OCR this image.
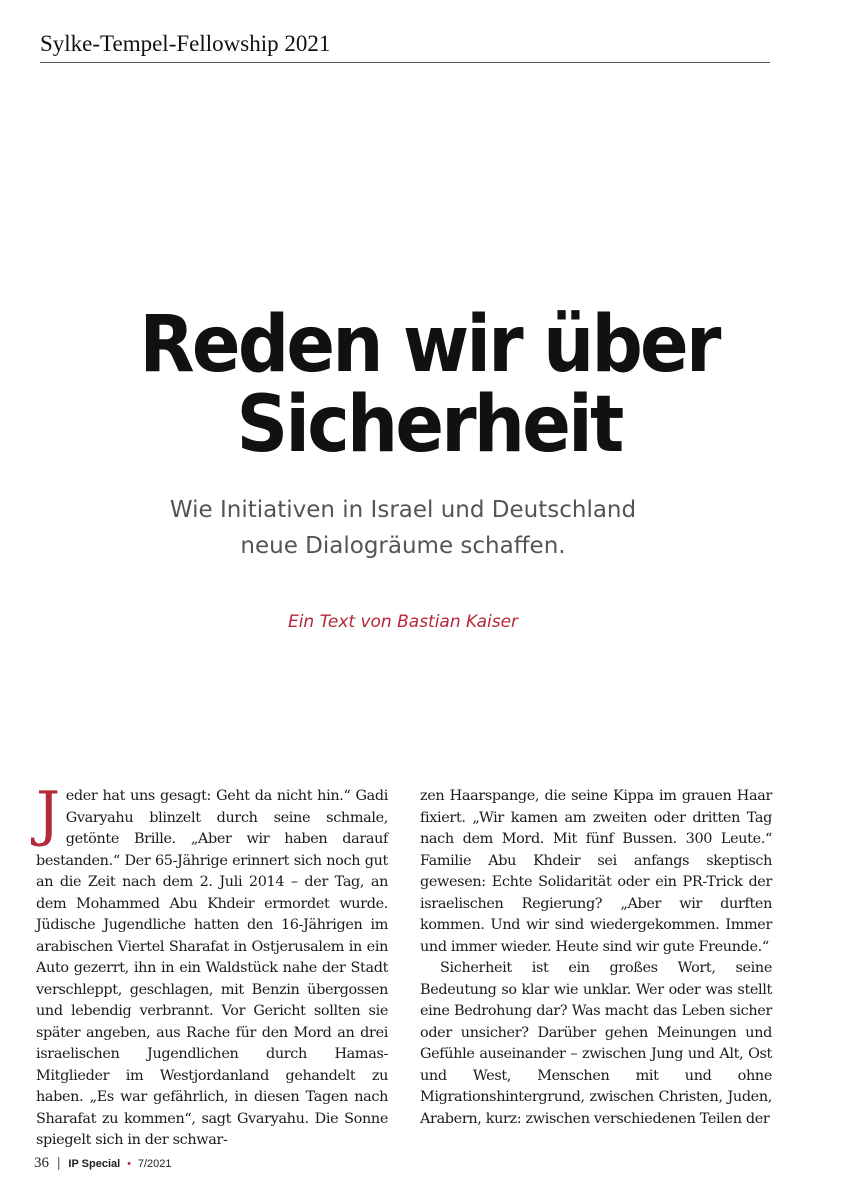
Sylke-Tempel-Fellowship 2021
Reden wir über
Sicherheit
Wie Initiativen in Israel und Deutschland
neue Dialogräume schaffen.
Ein Text von Bastian Kaiser

Jeder hat uns gesagt: Geht da nicht hin.“ Gadi Gvaryahu blinzelt durch seine schmale, getönte Brille. „Aber wir haben darauf bestanden.“ Der 65-Jährige erinnert sich noch gut an die Zeit nach dem 2. Juli 2014 – der Tag, an dem Mohammed Abu Khdeir ermordet wurde. Jüdische Jugendliche hatten den 16-Jährigen im arabischen Viertel Sharafat in Ostjerusalem in ein Auto gezerrt, ihn in ein Waldstück nahe der Stadt verschleppt, geschlagen, mit Benzin übergossen und lebendig verbrannt. Vor Gericht sollten sie später angeben, aus Rache für den Mord an drei israelischen Jugendlichen durch Hamas-Mitglieder im Westjordanland gehandelt zu haben. „Es war gefährlich, in diesen Tagen nach Sharafat zu kommen“, sagt Gvaryahu. Die Sonne spiegelt sich in der schwar-

zen Haarspange, die seine Kippa im grauen Haar fixiert. „Wir kamen am zweiten oder dritten Tag nach dem Mord. Mit fünf Bussen. 300 Leute.“ Familie Abu Khdeir sei anfangs skeptisch gewesen: Echte Solidarität oder ein PR-Trick der israelischen Regierung? „Aber wir durften kommen. Und wir sind wiedergekommen. Immer und immer wieder. Heute sind wir gute Freunde.“

Sicherheit ist ein großes Wort, seine Bedeutung so klar wie unklar. Wer oder was stellt eine Bedrohung dar? Was macht das Leben sicher oder unsicher? Darüber gehen Meinungen und Gefühle auseinander – zwischen Jung und Alt, Ost und West, Menschen mit und ohne Migrationshintergrund, zwischen Christen, Juden, Arabern, kurz: zwischen verschiedenen Teilen der

36 | IP Special • 7/2021
